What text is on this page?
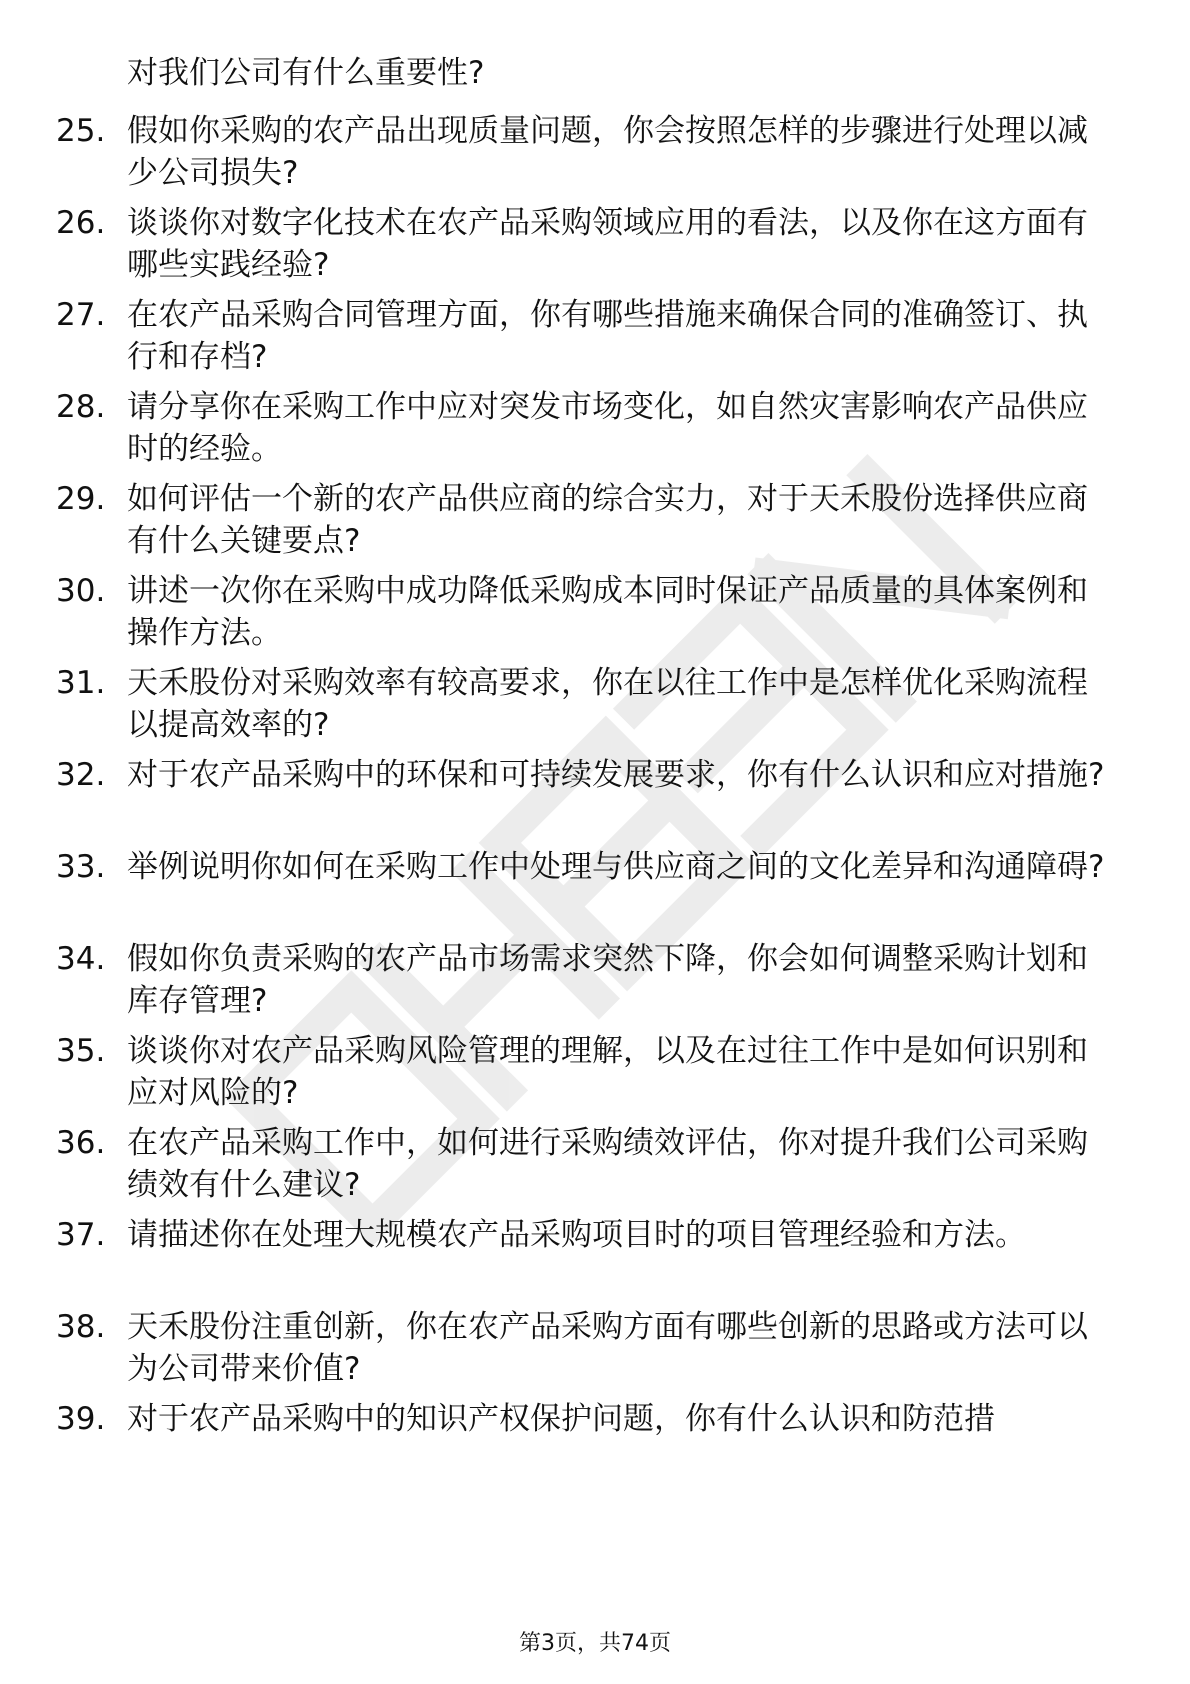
对我们公司有什么重要性?

25. 假如你采购的农产品出现质量问题，你会按照怎样的步骤进行处理以减少公司损失?

26. 谈谈你对数字化技术在农产品采购领域应用的看法，以及你在这方面有哪些实践经验?

27. 在农产品采购合同管理方面，你有哪些措施来确保合同的准确签订、执行和存档?

28. 请分享你在采购工作中应对突发市场变化，如自然灾害影响农产品供应时的经验。

29. 如何评估一个新的农产品供应商的综合实力，对于天禾股份选择供应商有什么关键要点?

30. 讲述一次你在采购中成功降低采购成本同时保证产品质量的具体案例和操作方法。

31. 天禾股份对采购效率有较高要求，你在以往工作中是怎样优化采购流程以提高效率的?

32. 对于农产品采购中的环保和可持续发展要求，你有什么认识和应对措施?

33. 举例说明你如何在采购工作中处理与供应商之间的文化差异和沟通障碍?

34. 假如你负责采购的农产品市场需求突然下降，你会如何调整采购计划和库存管理?

35. 谈谈你对农产品采购风险管理的理解，以及在过往工作中是如何识别和应对风险的?

36. 在农产品采购工作中，如何进行采购绩效评估，你对提升我们公司采购绩效有什么建议?

37. 请描述你在处理大规模农产品采购项目时的项目管理经验和方法。

38. 天禾股份注重创新，你在农产品采购方面有哪些创新的思路或方法可以为公司带来价值?

39. 对于农产品采购中的知识产权保护问题，你有什么认识和防范措

第3页，共74页
